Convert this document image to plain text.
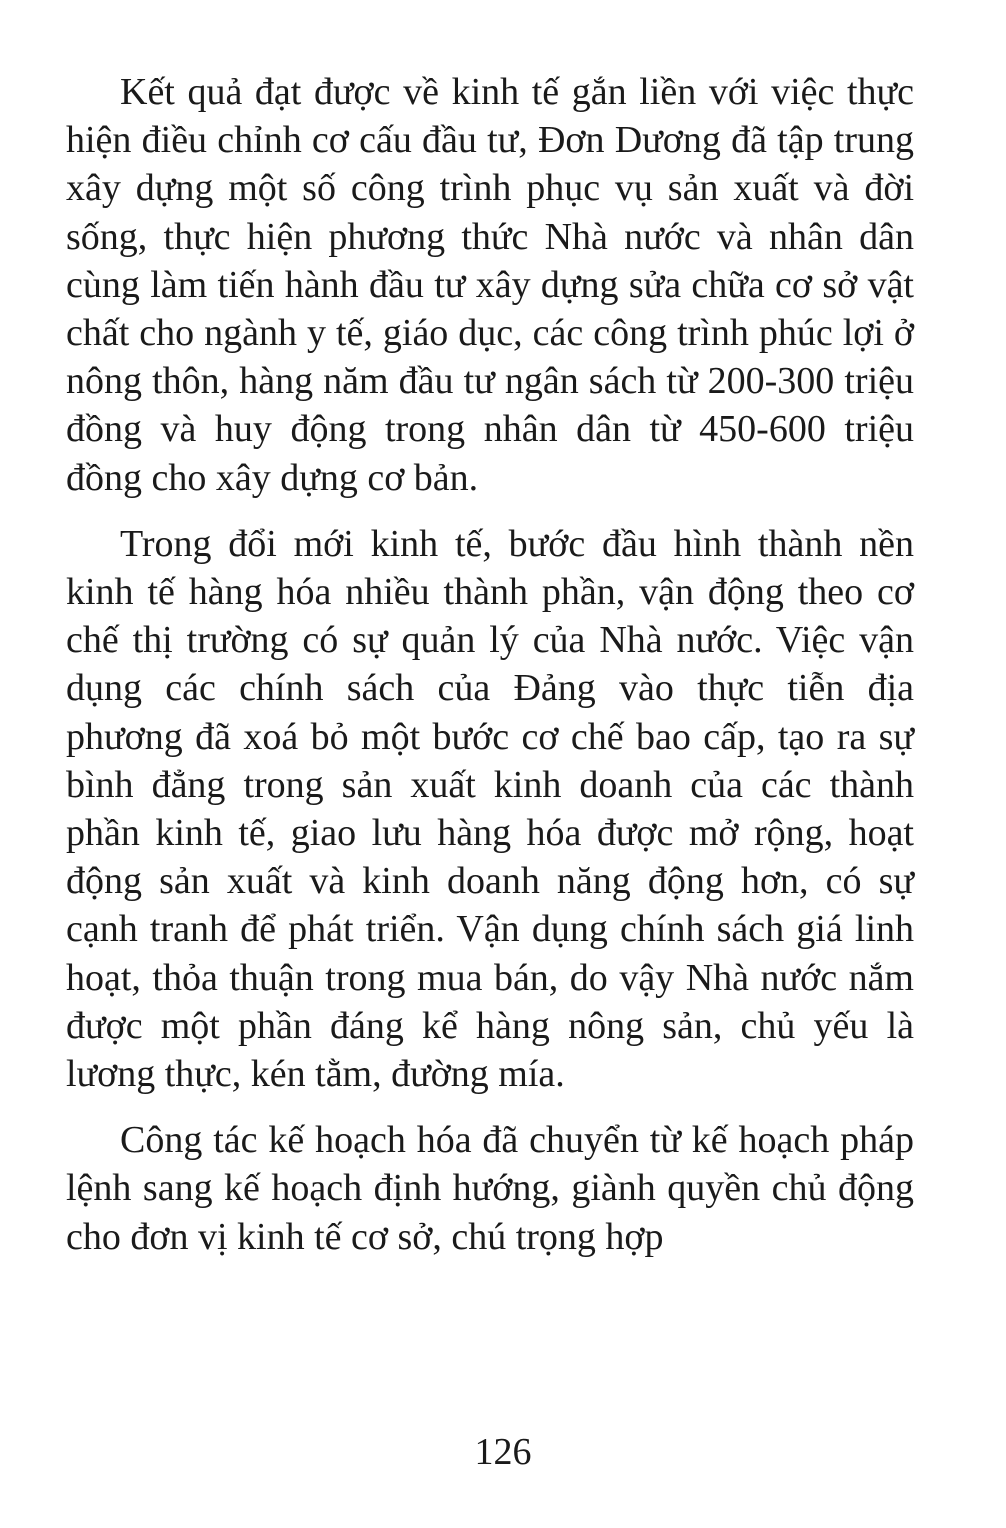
Kết quả đạt được về kinh tế gắn liền với việc thực hiện điều chỉnh cơ cấu đầu tư, Đơn Dương đã tập trung xây dựng một số công trình phục vụ sản xuất và đời sống, thực hiện phương thức Nhà nước và nhân dân cùng làm tiến hành đầu tư xây dựng sửa chữa cơ sở vật chất cho ngành y tế, giáo dục, các công trình phúc lợi ở nông thôn, hàng năm đầu tư ngân sách từ 200-300 triệu đồng và huy động trong nhân dân từ 450-600 triệu đồng cho xây dựng cơ bản.

Trong đổi mới kinh tế, bước đầu hình thành nền kinh tế hàng hóa nhiều thành phần, vận động theo cơ chế thị trường có sự quản lý của Nhà nước. Việc vận dụng các chính sách của Đảng vào thực tiễn địa phương đã xoá bỏ một bước cơ chế bao cấp, tạo ra sự bình đẳng trong sản xuất kinh doanh của các thành phần kinh tế, giao lưu hàng hóa được mở rộng, hoạt động sản xuất và kinh doanh năng động hơn, có sự cạnh tranh để phát triển. Vận dụng chính sách giá linh hoạt, thỏa thuận trong mua bán, do vậy Nhà nước nắm được một phần đáng kể hàng nông sản, chủ yếu là lương thực, kén tằm, đường mía.

Công tác kế hoạch hóa đã chuyển từ kế hoạch pháp lệnh sang kế hoạch định hướng, giành quyền chủ động cho đơn vị kinh tế cơ sở, chú trọng hợp

126
